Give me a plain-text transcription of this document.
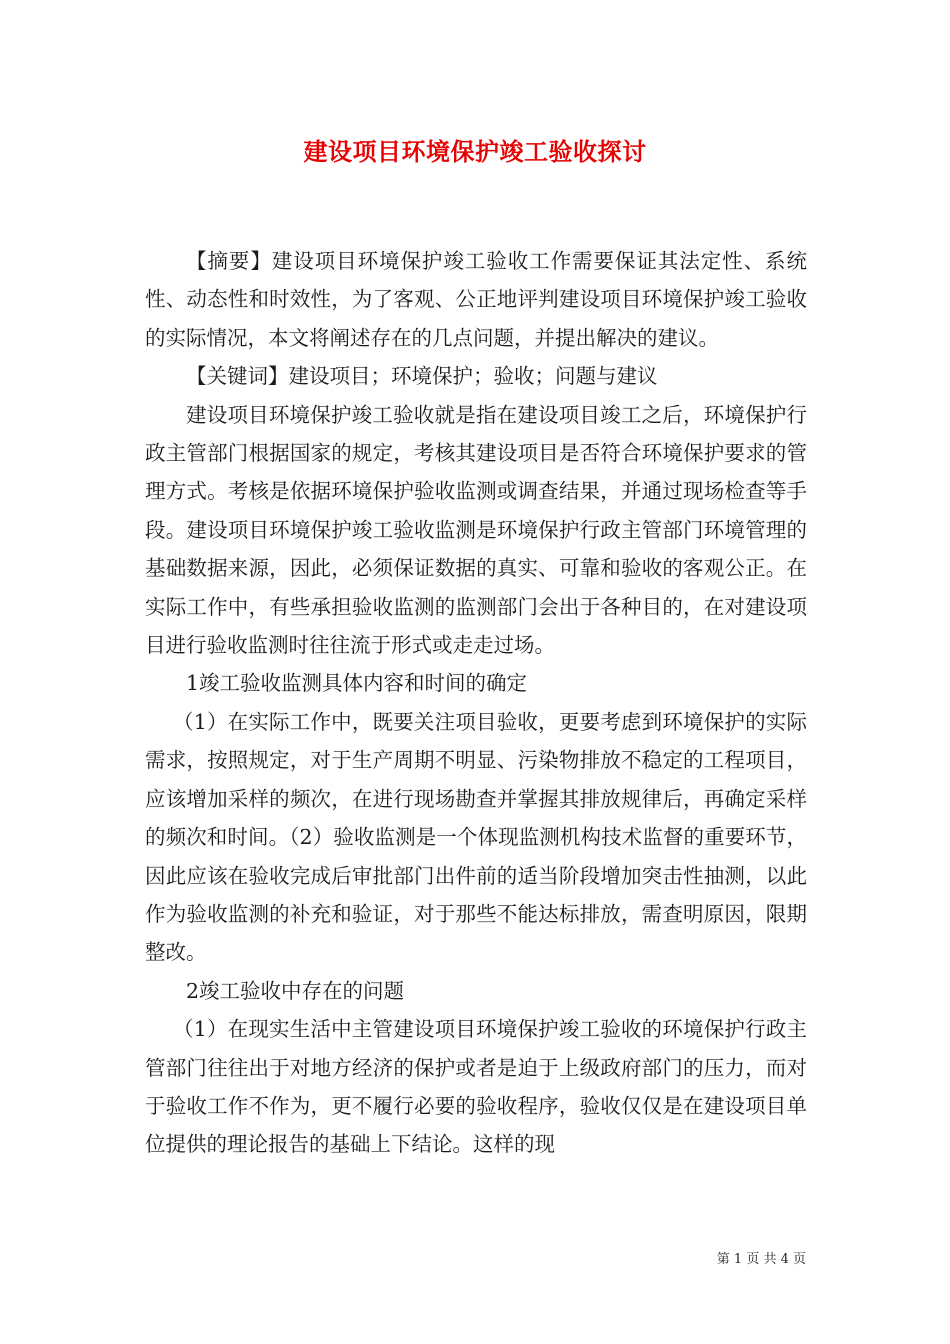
建设项目环境保护竣工验收探讨

【摘要】建设项目环境保护竣工验收工作需要保证其法定性、系统性、动态性和时效性，为了客观、公正地评判建设项目环境保护竣工验收的实际情况，本文将阐述存在的几点问题，并提出解决的建议。

【关键词】建设项目；环境保护；验收；问题与建议

建设项目环境保护竣工验收就是指在建设项目竣工之后，环境保护行政主管部门根据国家的规定，考核其建设项目是否符合环境保护要求的管理方式。考核是依据环境保护验收监测或调查结果，并通过现场检查等手段。建设项目环境保护竣工验收监测是环境保护行政主管部门环境管理的基础数据来源，因此，必须保证数据的真实、可靠和验收的客观公正。在实际工作中，有些承担验收监测的监测部门会出于各种目的，在对建设项目进行验收监测时往往流于形式或走走过场。

1竣工验收监测具体内容和时间的确定

（1）在实际工作中，既要关注项目验收，更要考虑到环境保护的实际需求，按照规定，对于生产周期不明显、污染物排放不稳定的工程项目，应该增加采样的频次，在进行现场勘查并掌握其排放规律后，再确定采样的频次和时间。（2）验收监测是一个体现监测机构技术监督的重要环节，因此应该在验收完成后审批部门出件前的适当阶段增加突击性抽测，以此作为验收监测的补充和验证，对于那些不能达标排放，需查明原因，限期整改。

2竣工验收中存在的问题

（1）在现实生活中主管建设项目环境保护竣工验收的环境保护行政主管部门往往出于对地方经济的保护或者是迫于上级政府部门的压力，而对于验收工作不作为，更不履行必要的验收程序，验收仅仅是在建设项目单位提供的理论报告的基础上下结论。这样的现

第 1 页 共 4 页
